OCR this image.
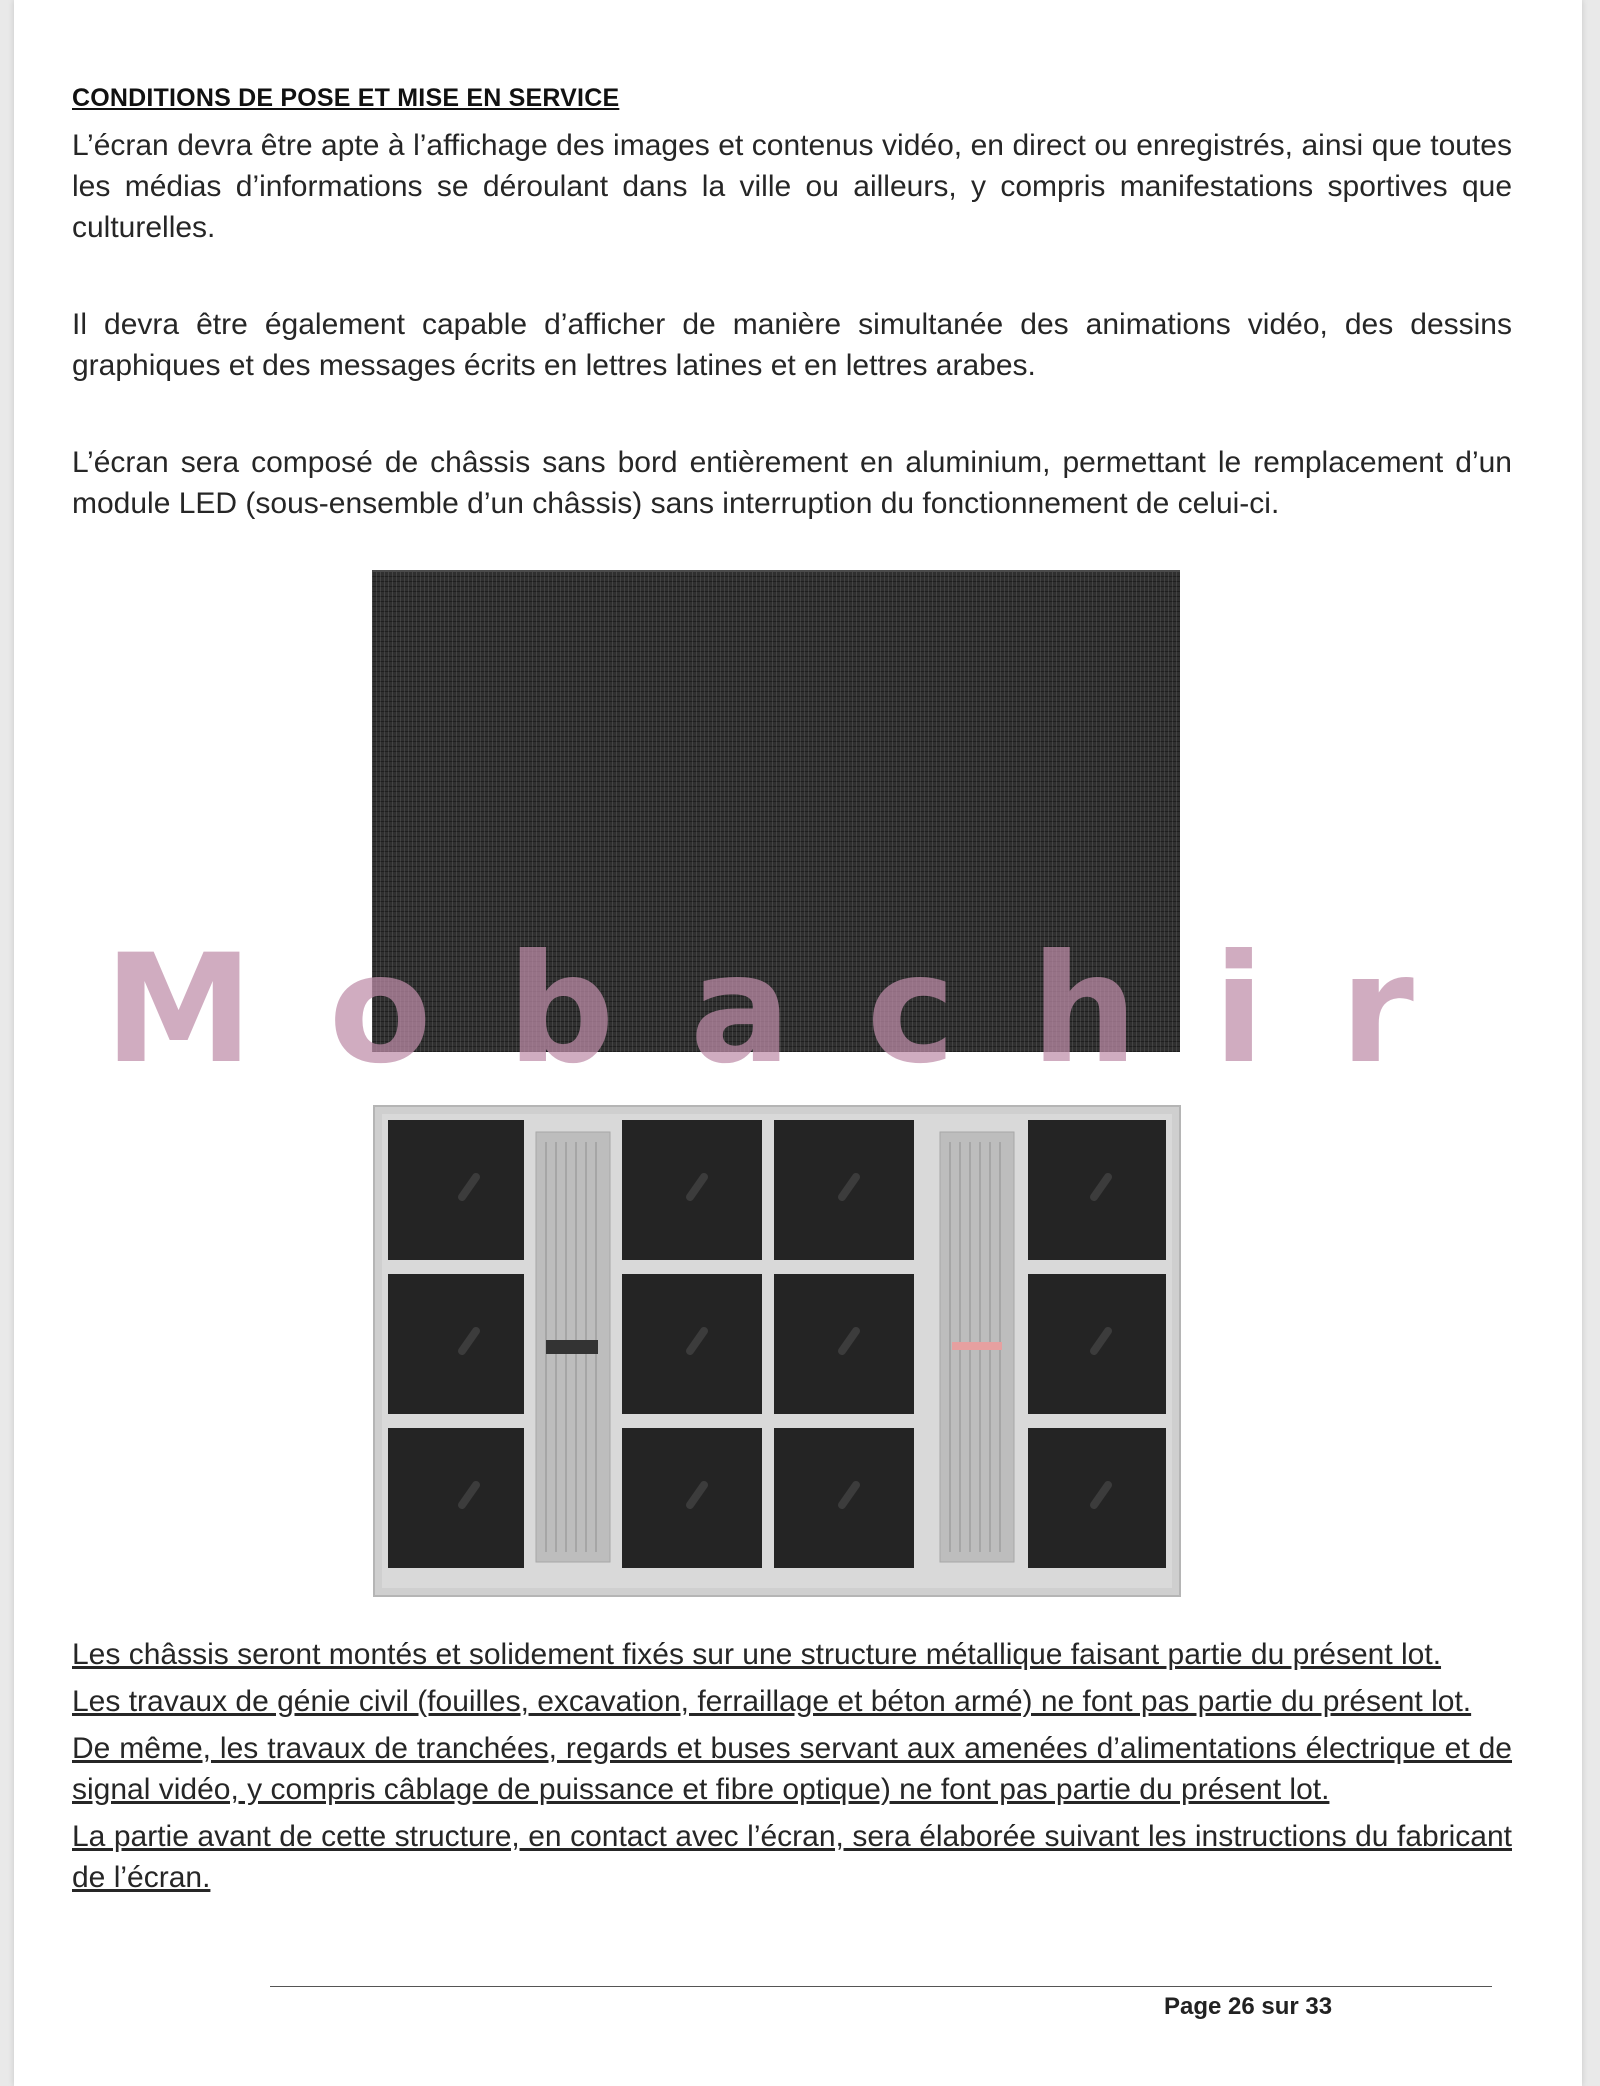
CONDITIONS DE POSE ET MISE EN SERVICE

L’écran devra être apte à l’affichage des images et contenus vidéo, en direct ou enregistrés, ainsi que toutes les médias d’informations se déroulant dans la ville ou ailleurs, y compris manifestations sportives que culturelles.

Il devra être également capable d’afficher de manière simultanée des animations vidéo, des dessins graphiques et des messages écrits en lettres latines et en lettres arabes.

L’écran sera composé de châssis sans bord entièrement en aluminium, permettant le remplacement d’un module LED (sous-ensemble d’un châssis) sans interruption du fonctionnement de celui-ci.

M o b a c h i r

Les châssis seront montés et solidement fixés sur une structure métallique faisant partie du présent lot.

Les travaux de génie civil (fouilles, excavation, ferraillage et béton armé) ne font pas partie du présent lot.

De même, les travaux de tranchées, regards et buses servant aux amenées d’alimentations électrique et de signal vidéo, y compris câblage de puissance et fibre optique) ne font pas partie du présent lot.

La partie avant de cette structure, en contact avec l’écran, sera élaborée suivant les instructions du fabricant de l’écran.

Page 26 sur 33
